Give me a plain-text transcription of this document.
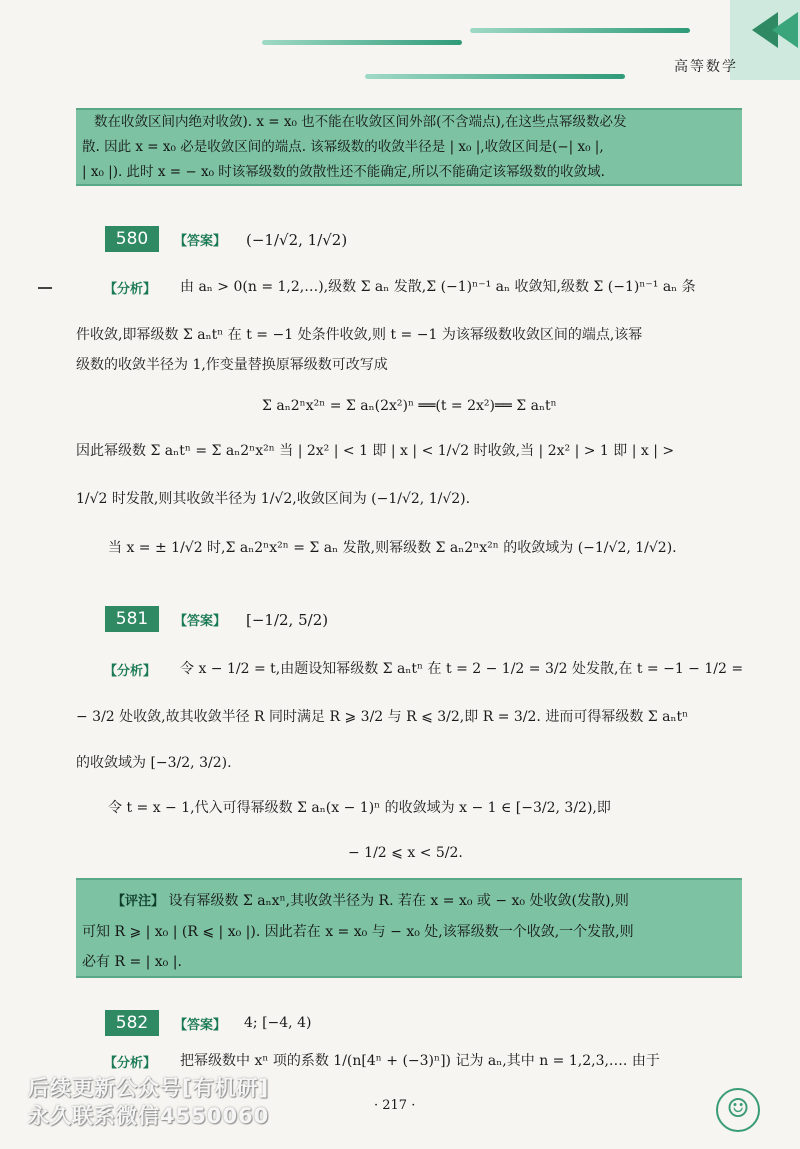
高等数学

数在收敛区间内绝对收敛). x = x₀ 也不能在收敛区间外部(不含端点),在这些点幂级数必发

散. 因此 x = x₀ 必是收敛区间的端点. 该幂级数的收敛半径是 | x₀ |,收敛区间是(−| x₀ |,

| x₀ |). 此时 x = − x₀ 时该幂级数的敛散性还不能确定,所以不能确定该幂级数的收敛域.

580	【答案】 (−1/√2, 1/√2)
【分析】 由 aₙ > 0(n = 1,2,…),级数 Σ aₙ 发散,Σ (−1)ⁿ⁻¹ aₙ 收敛知,级数 Σ (−1)ⁿ⁻¹ aₙ 条
件收敛,即幂级数 Σ aₙtⁿ 在 t = −1 处条件收敛,则 t = −1 为该幂级数收敛区间的端点,该幂
级数的收敛半径为 1,作变量替换原幂级数可改写成
Σ aₙ2ⁿx²ⁿ = Σ aₙ(2x²)ⁿ ══(t = 2x²)══ Σ aₙtⁿ
因此幂级数 Σ aₙtⁿ = Σ aₙ2ⁿx²ⁿ 当 | 2x² | < 1 即 | x | < 1/√2 时收敛,当 | 2x² | > 1 即 | x | >
1/√2 时发散,则其收敛半径为 1/√2,收敛区间为 (−1/√2, 1/√2).
当 x = ± 1/√2 时,Σ aₙ2ⁿx²ⁿ = Σ aₙ 发散,则幂级数 Σ aₙ2ⁿx²ⁿ 的收敛域为 (−1/√2, 1/√2).
581	【答案】 [−1/2, 5/2)
【分析】 令 x − 1/2 = t,由题设知幂级数 Σ aₙtⁿ 在 t = 2 − 1/2 = 3/2 处发散,在 t = −1 − 1/2 =
− 3/2 处收敛,故其收敛半径 R 同时满足 R ⩾ 3/2 与 R ⩽ 3/2,即 R = 3/2. 进而可得幂级数 Σ aₙtⁿ
的收敛域为 [−3/2, 3/2).
令 t = x − 1,代入可得幂级数 Σ aₙ(x − 1)ⁿ 的收敛域为 x − 1 ∈ [−3/2, 3/2),即
− 1/2 ⩽ x < 5/2.

【评注】 设有幂级数 Σ aₙxⁿ,其收敛半径为 R. 若在 x = x₀ 或 − x₀ 处收敛(发散),则

可知 R ⩾ | x₀ | (R ⩽ | x₀ |). 因此若在 x = x₀ 与 − x₀ 处,该幂级数一个收敛,一个发散,则

必有 R = | x₀ |.

582	【答案】 4; [−4, 4)
【分析】 把幂级数中 xⁿ 项的系数 1/(n[4ⁿ + (−3)ⁿ]) 记为 aₙ,其中 n = 1,2,3,…. 由于
· 217 ·
后续更新公众号[有机研]
永久联系微信4550060	☺
